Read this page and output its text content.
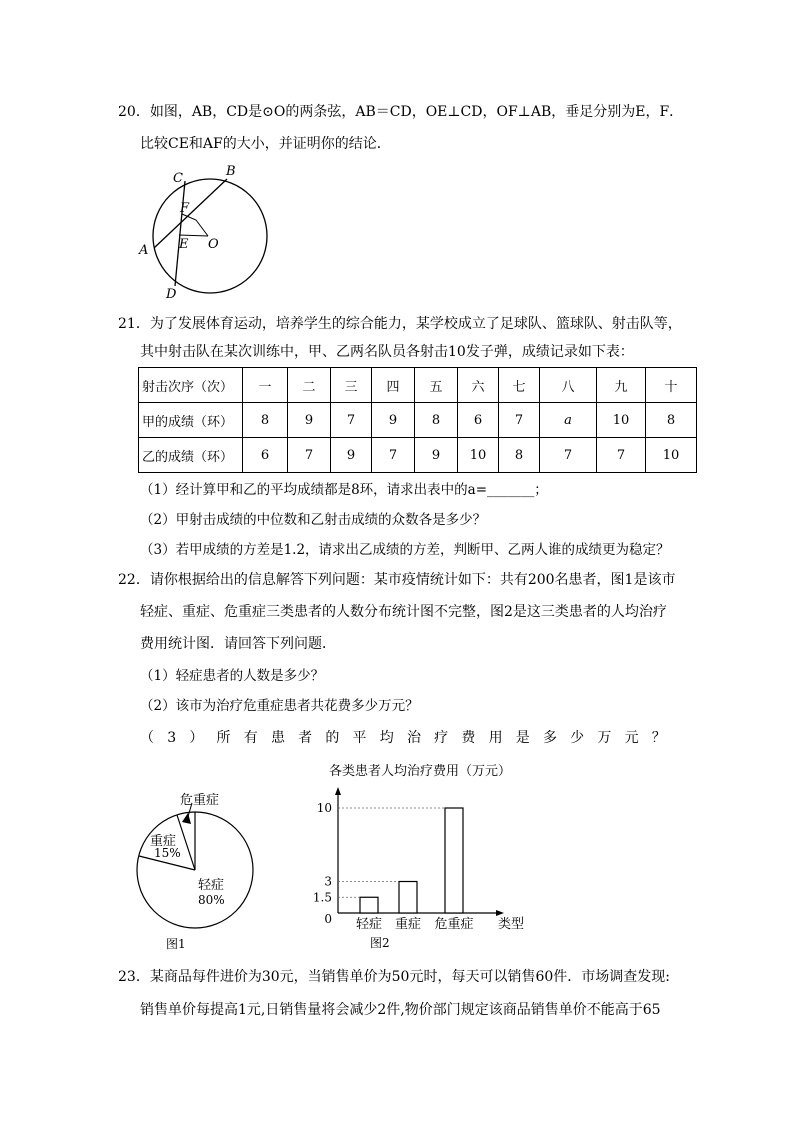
20．如图，AB，CD是⊙O的两条弦，AB＝CD，OE⊥CD，OF⊥AB，垂足分别为E，F．
比较CE和AF的大小，并证明你的结论．
C	B
F
E O
A
D
21．为了发展体育运动，培养学生的综合能力，某学校成立了足球队、篮球队、射击队等，
其中射击队在某次训练中，甲、乙两名队员各射击10发子弹，成绩记录如下表：
射击次序（次）	一	二	三	四	五	六	七	八	九	十
甲的成绩（环）	8	9	7	9	8	6	7	a	10	8
乙的成绩（环）	6	7	9	7	9	10	8	7	7	10
（1）经计算甲和乙的平均成绩都是8环，请求出表中的a=_______；
（2）甲射击成绩的中位数和乙射击成绩的众数各是多少？
（3）若甲成绩的方差是1.2，请求出乙成绩的方差，判断甲、乙两人谁的成绩更为稳定？
22．请你根据给出的信息解答下列问题：某市疫情统计如下：共有200名患者，图1是该市
轻症、重症、危重症三类患者的人数分布统计图不完整，图2是这三类患者的人均治疗
费用统计图．请回答下列问题．
（1）轻症患者的人数是多少？
（2）该市为治疗危重症患者共花费多少万元？
（ 3 ） 所 有 患 者 的 平 均 治 疗 费 用 是 多 少 万 元 ？
危重症
重症
15%
轻症
80%
图1
各类患者人均治疗费用（万元）
轻症 重症 危重症
0
1.5
3
10
类型
图2
23．某商品每件进价为30元，当销售单价为50元时，每天可以销售60件．市场调查发现:
销售单价每提高1元,日销售量将会减少2件,物价部门规定该商品销售单价不能高于65
